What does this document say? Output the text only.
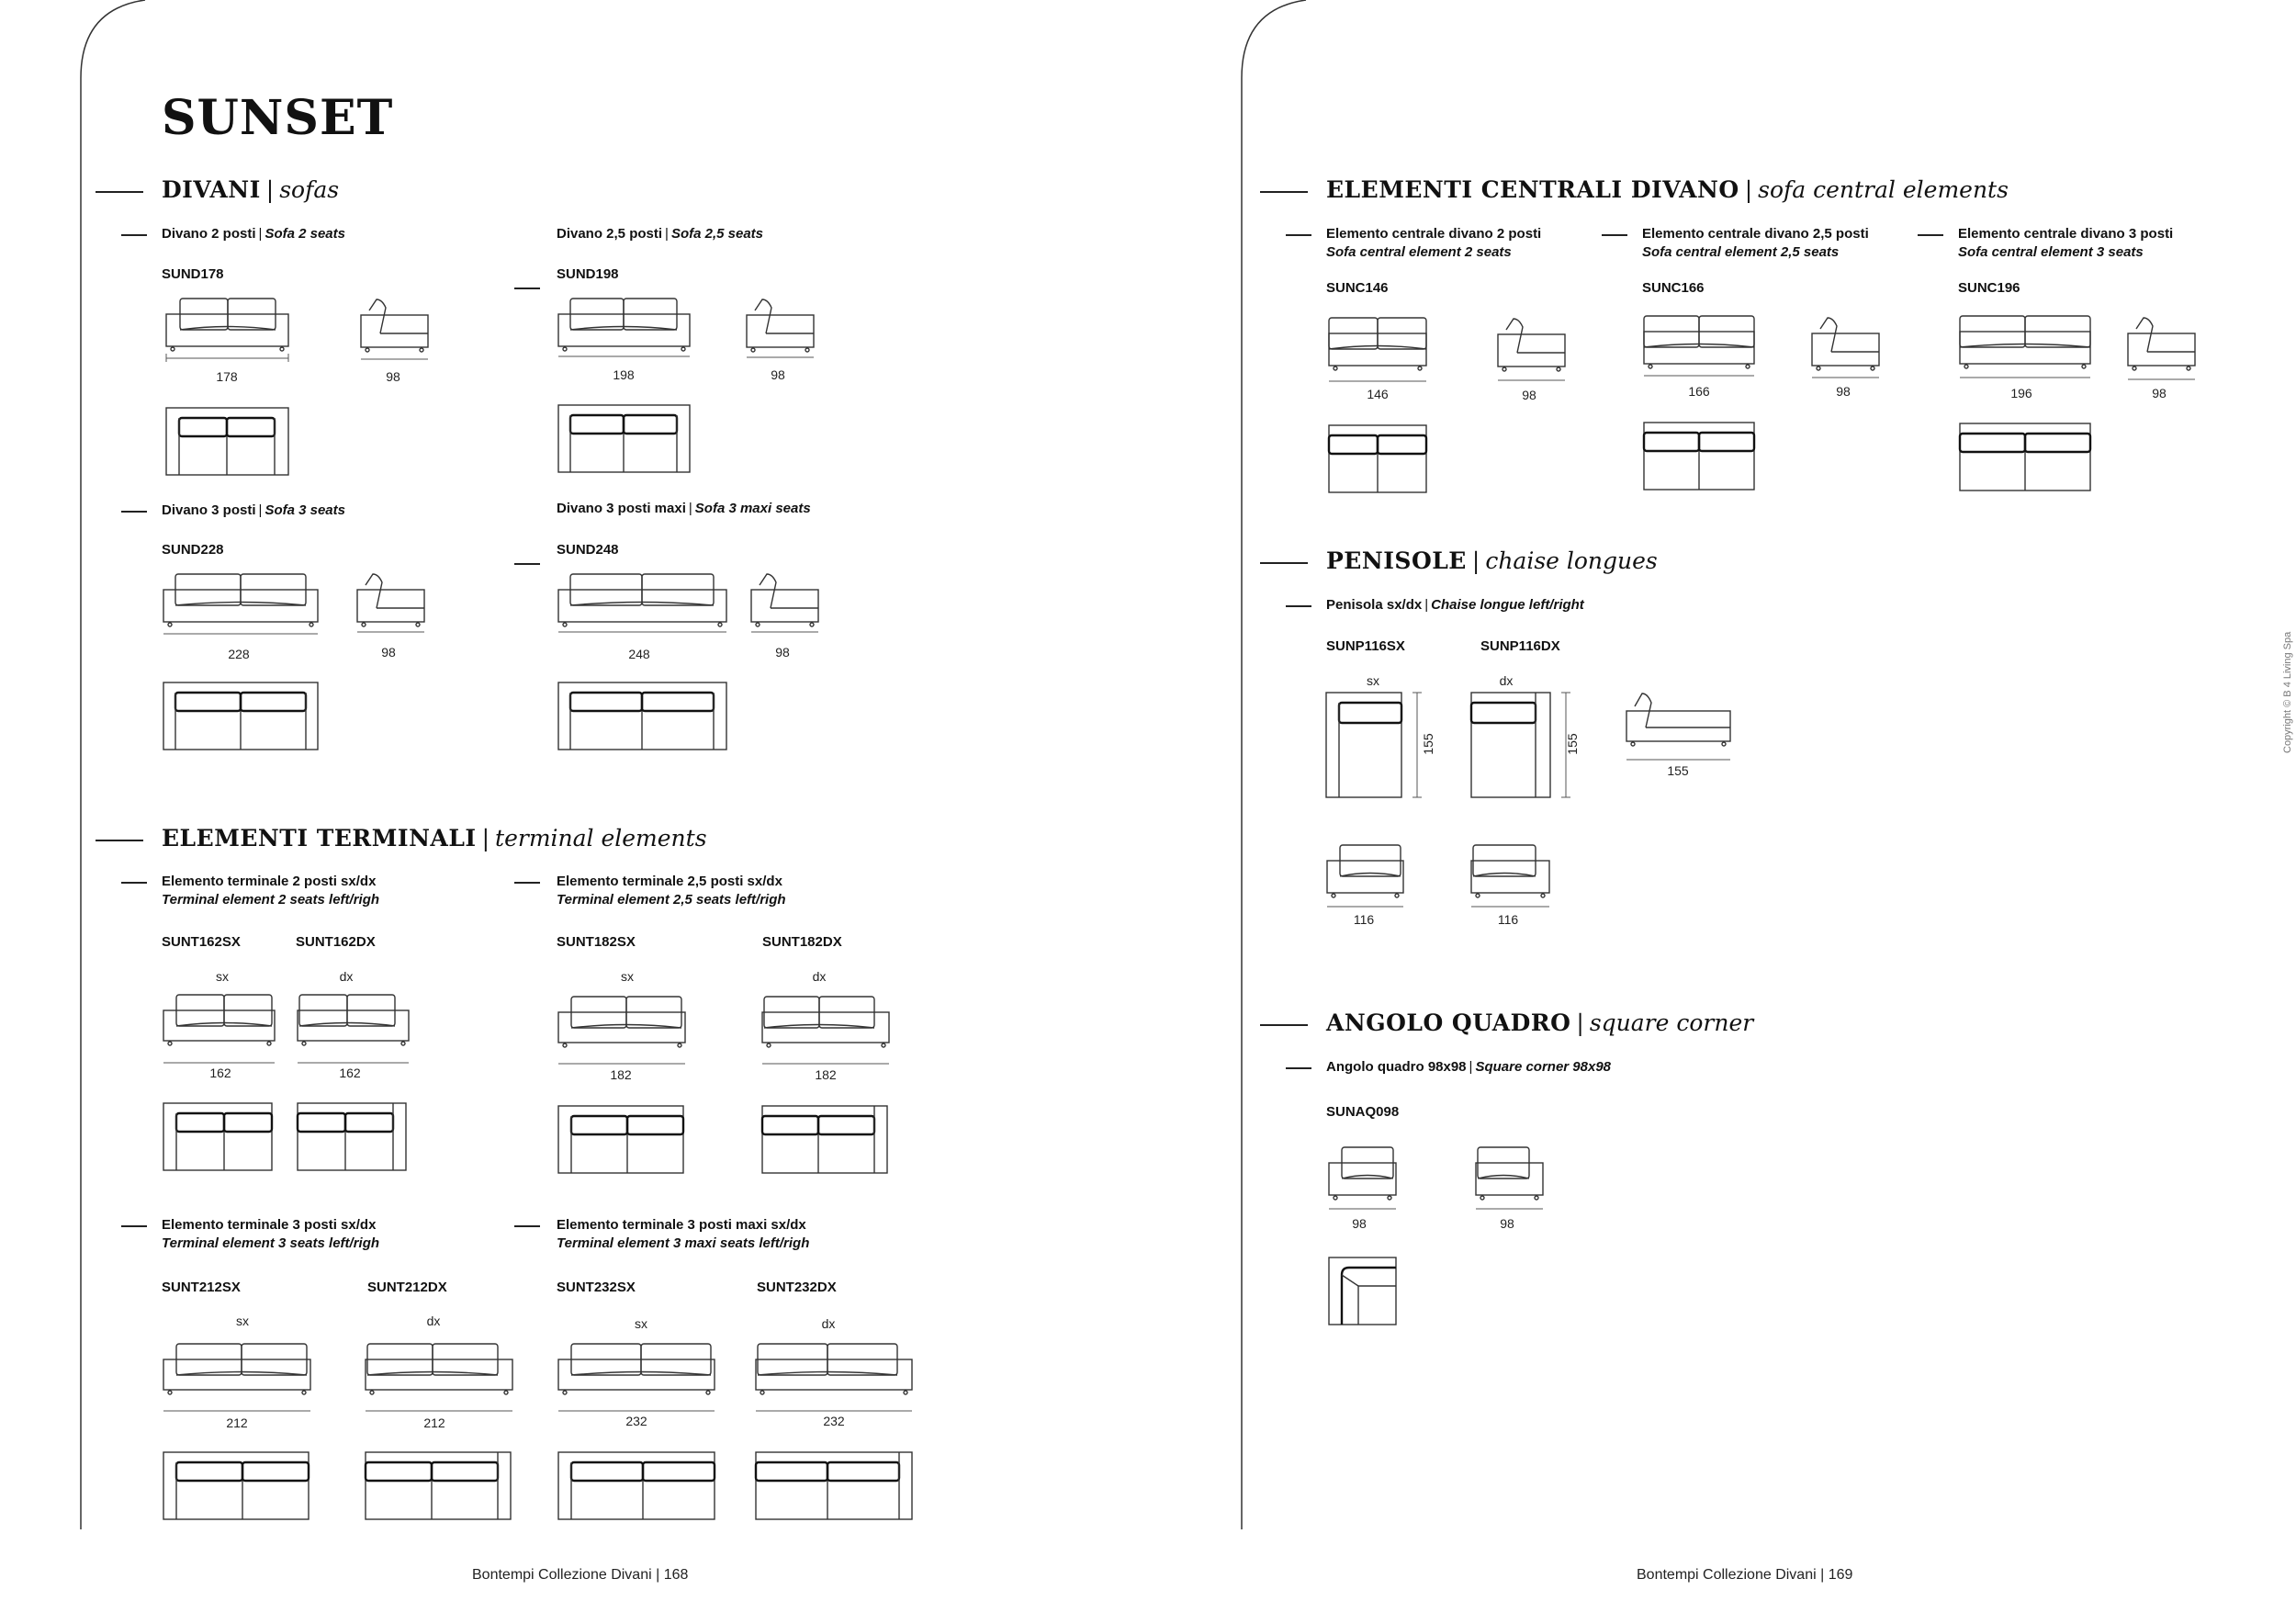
SUNSET
DIVANI | sofas
Divano 2 posti | Sofa 2 seats
SUND178
178	98
Divano 2,5 posti | Sofa 2,5 seats
SUND198
198	98
Divano 3 posti | Sofa 3 seats
SUND228
228	98
Divano 3 posti maxi | Sofa 3 maxi seats
SUND248
248	98
ELEMENTI TERMINALI | terminal elements
Elemento terminale 2 posti sx/dx
Terminal element 2 seats left/righ
SUNT162SX	SUNT162DX
sx	dx
162	162
Elemento terminale 2,5 posti sx/dx
Terminal element 2,5 seats left/righ
SUNT182SX	SUNT182DX
sx	dx
182	182
Elemento terminale 3 posti sx/dx
Terminal element 3 seats left/righ
SUNT212SX	SUNT212DX
sx	dx
212	212
Elemento terminale 3 posti maxi sx/dx
Terminal element 3 maxi seats left/righ
SUNT232SX	SUNT232DX
sx	dx
232	232
ELEMENTI CENTRALI DIVANO | sofa central elements
Elemento centrale divano 2 posti
Sofa central element 2 seats
SUNC146
146	98
Elemento centrale divano 2,5 posti
Sofa central element 2,5 seats
SUNC166
166	98
Elemento centrale divano 3 posti
Sofa central element 3 seats
SUNC196
196	98
PENISOLE | chaise longues
Penisola sx/dx | Chaise longue left/right
SUNP116SX	SUNP116DX
sx	dx
155	155
155
116	116
ANGOLO QUADRO | square corner
Angolo quadro 98x98 | Square corner 98x98
SUNAQ098
98	98
Bontempi Collezione Divani | 168	Bontempi Collezione Divani | 169
Copyright © B 4 Living Spa
